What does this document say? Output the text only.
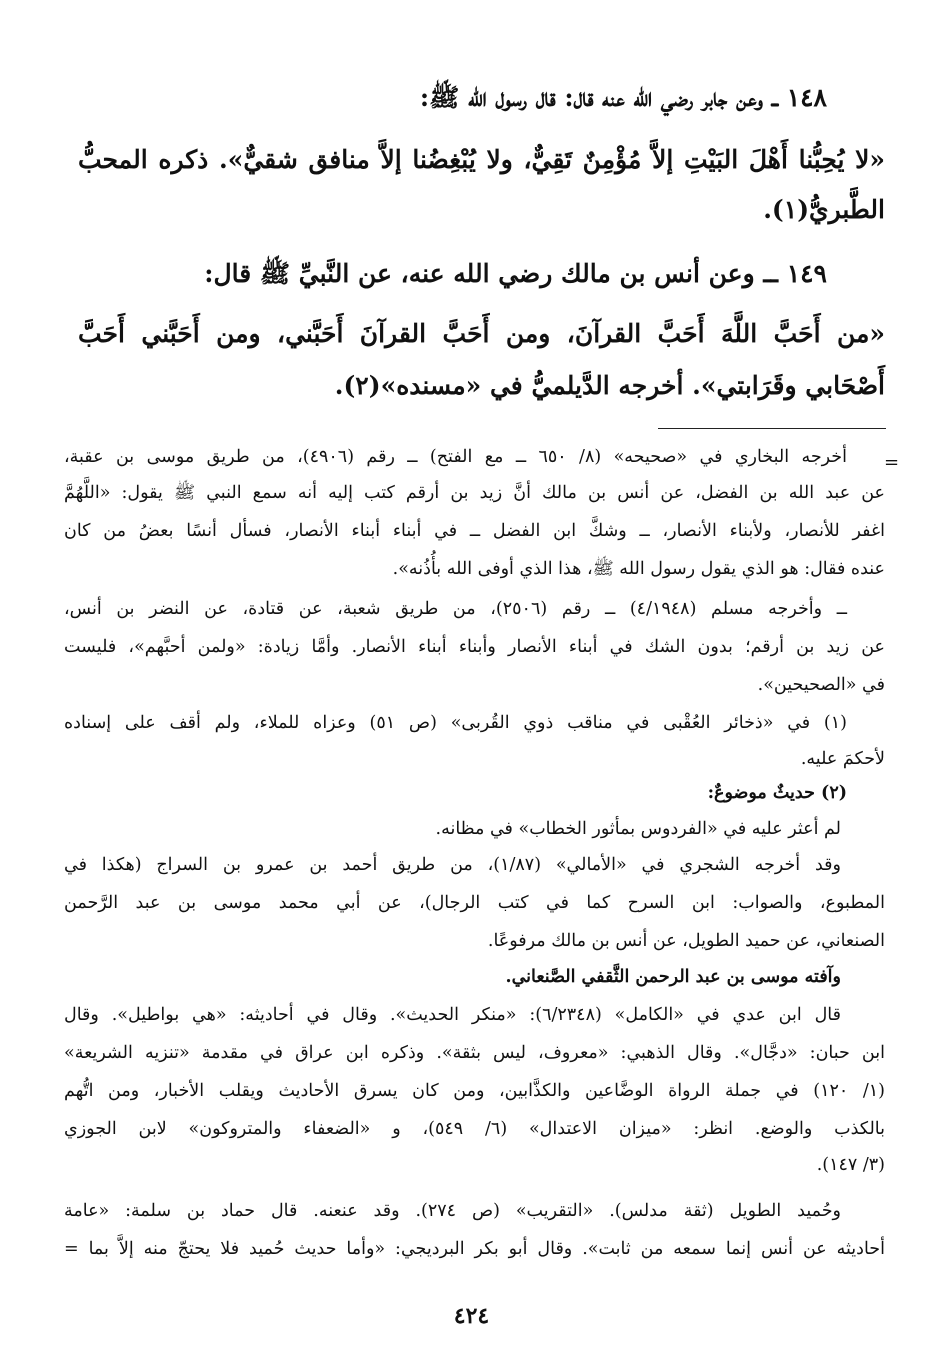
١٤٨ ــ وعن جابر رضي الله عنه قال: قال رسول الله ﷺ:
«لا يُحِبُّنا أَهْلَ البَيْتِ إلاَّ مُؤْمِنٌ تَقِيٌّ، ولا يُبْغِضُنا إلاَّ منافق شقيٌّ». ذكره المحبُّ
الطَّبريُّ(١).
١٤٩ ــ وعن أنس بن مالك رضي الله عنه، عن النَّبيِّ ﷺ قال:
«من أَحَبَّ اللَّهَ أَحَبَّ القرآنَ، ومن أَحَبَّ القرآنَ أَحَبَّني، ومن أَحَبَّني أَحَبَّ
أَصْحَابي وقَرَابتي». أخرجه الدَّيلميُّ في «مسنده»(٢).
=
أخرجه البخاري في «صحيحه» (٨/ ٦٥٠ ــ مع الفتح) ــ رقم (٤٩٠٦)، من طريق موسى بن عقبة،
عن عبد الله بن الفضل، عن أنس بن مالك أنَّ زيد بن أرقم كتب إليه أنه سمع النبي ﷺ يقول: «اللَّهُمَّ
اغفر للأنصار، ولأبناء الأنصار، ــ وشكَّ ابن الفضل ــ في أبناء أبناء الأنصار، فسأل أنسًا بعضُ من كان
عنده فقال: هو الذي يقول رسول الله ﷺ، هذا الذي أوفى الله بأُذُنه».
ــ وأخرجه مسلم (٤/١٩٤٨) ــ رقم (٢٥٠٦)، من طريق شعبة، عن قتادة، عن النضر بن أنس،
عن زيد بن أرقم؛ بدون الشك في أبناء الأنصار وأبناء أبناء الأنصار. وأمَّا زيادة: «ولمن أحبَّهم»، فليست
في «الصحيحين».
(١) في «ذخائر العُقْبى في مناقب ذوي القُربى» (ص ٥١) وعزاه للملاء، ولم أقف على إسناده
لأحكمَ عليه.
(٢) حديثٌ موضوعٌ:
لم أعثر عليه في «الفردوس بمأثور الخطاب» في مظانه.
وقد أخرجه الشجري في «الأمالي» (١/٨٧)، من طريق أحمد بن عمرو بن السراج (هكذا في
المطبوع، والصواب: ابن السرح كما في كتب الرجال)، عن أبي محمد موسى بن عبد الرَّحمن
الصنعاني، عن حميد الطويل، عن أنس بن مالك مرفوعًا.
وآفته موسى بن عبد الرحمن الثَّقفي الصَّنعاني.
قال ابن عدي في «الكامل» (٦/٢٣٤٨): «منكر الحديث». وقال في أحاديثه: «هي بواطيل». وقال
ابن حبان: «دجَّال». وقال الذهبي: «معروف، ليس بثقة». وذكره ابن عراق في مقدمة «تنزيه الشريعة»
(١/ ١٢٠) في جملة الرواة الوضَّاعين والكذَّابين، ومن كان يسرق الأحاديث ويقلب الأخبار، ومن اتُّهم
بالكذب والوضع. انظر: «ميزان الاعتدال» (٦/ ٥٤٩)، و «الضعفاء والمتروكون» لابن الجوزي
(٣/ ١٤٧).
وحُميد الطويل (ثقة مدلس). «التقريب» (ص ٢٧٤). وقد عنعنه. قال حماد بن سلمة: «عامة
أحاديثه عن أنس إنما سمعه من ثابت». وقال أبو بكر البرديجي: «وأما حديث حُميد فلا يحتجّ منه إلاَّ بما =
٤٢٤
